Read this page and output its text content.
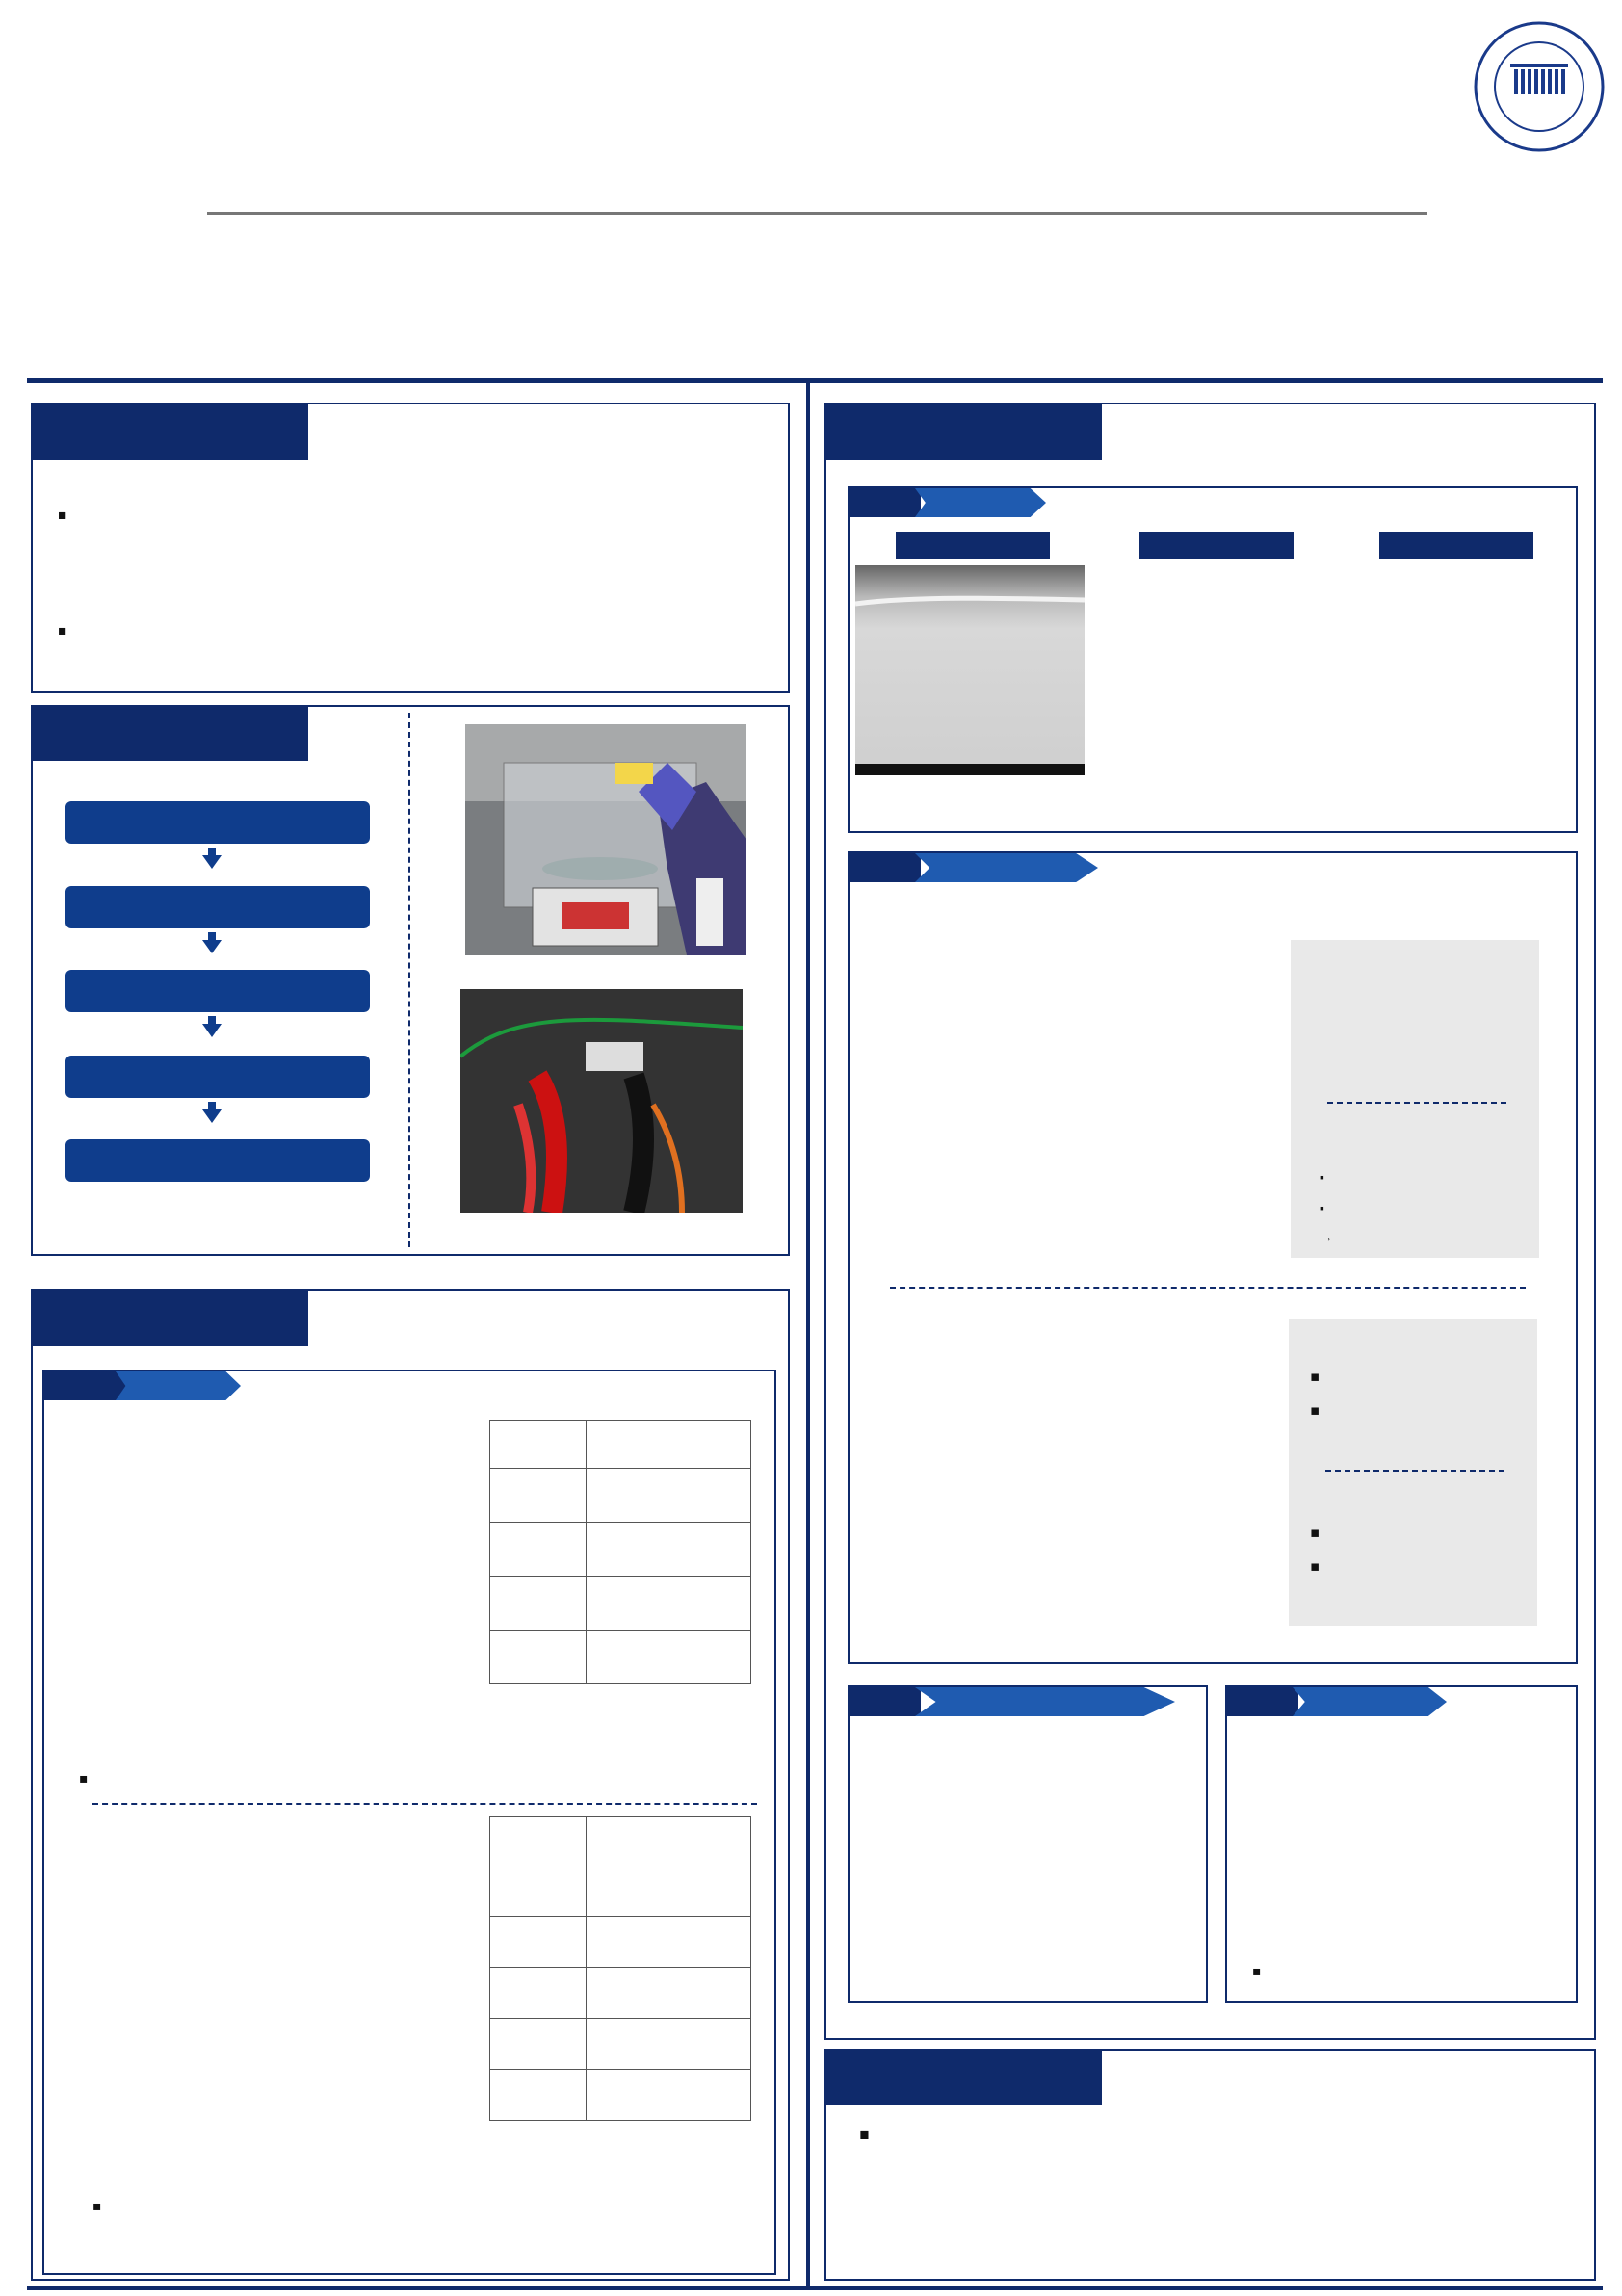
▪
▪
→
▪
▪
▪
▪
